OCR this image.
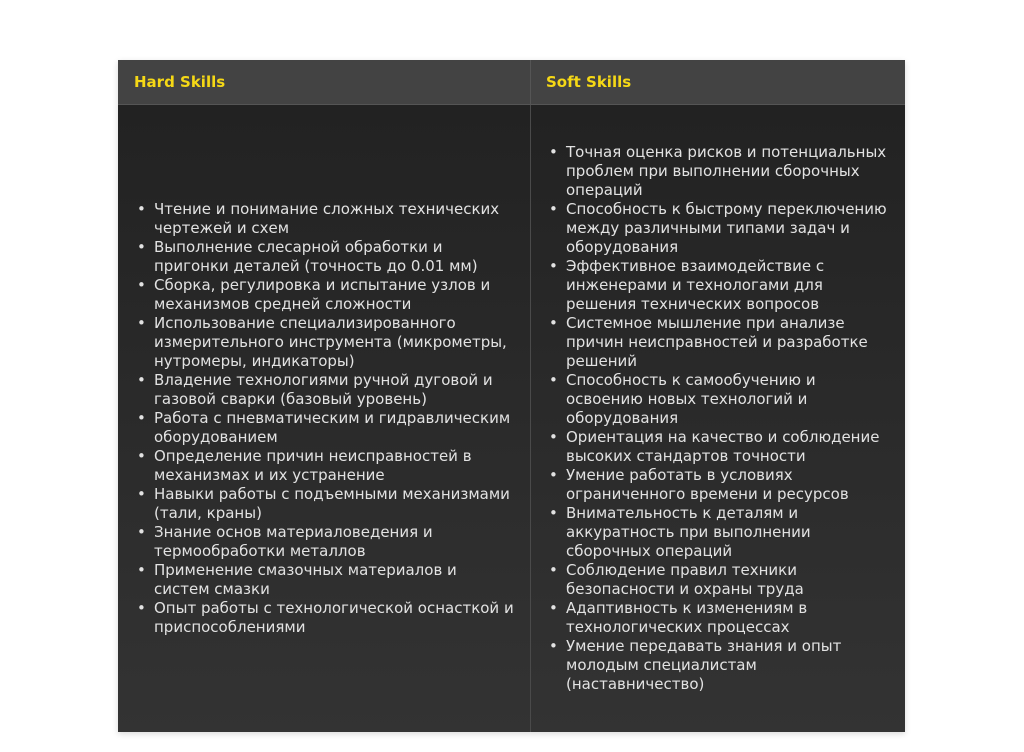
Hard Skills	Soft Skills
• Чтение и понимание сложных технических чертежей и схем
• Выполнение слесарной обработки и пригонки деталей (точность до 0.01 мм)
• Сборка, регулировка и испытание узлов и механизмов средней сложности
• Использование специализированного измерительного инструмента (микрометры, нутромеры, индикаторы)
• Владение технологиями ручной дуговой и газовой сварки (базовый уровень)
• Работа с пневматическим и гидравлическим оборудованием
• Определение причин неисправностей в механизмах и их устранение
• Навыки работы с подъемными механизмами (тали, краны)
• Знание основ материаловедения и термообработки металлов
• Применение смазочных материалов и систем смазки
• Опыт работы с технологической оснасткой и приспособлениями
• Точная оценка рисков и потенциальных проблем при выполнении сборочных операций
• Способность к быстрому переключению между различными типами задач и оборудования
• Эффективное взаимодействие с инженерами и технологами для решения технических вопросов
• Системное мышление при анализе причин неисправностей и разработке решений
• Способность к самообучению и освоению новых технологий и оборудования
• Ориентация на качество и соблюдение высоких стандартов точности
• Умение работать в условиях ограниченного времени и ресурсов
• Внимательность к деталям и аккуратность при выполнении сборочных операций
• Соблюдение правил техники безопасности и охраны труда
• Адаптивность к изменениям в технологических процессах
• Умение передавать знания и опыт молодым специалистам (наставничество)
